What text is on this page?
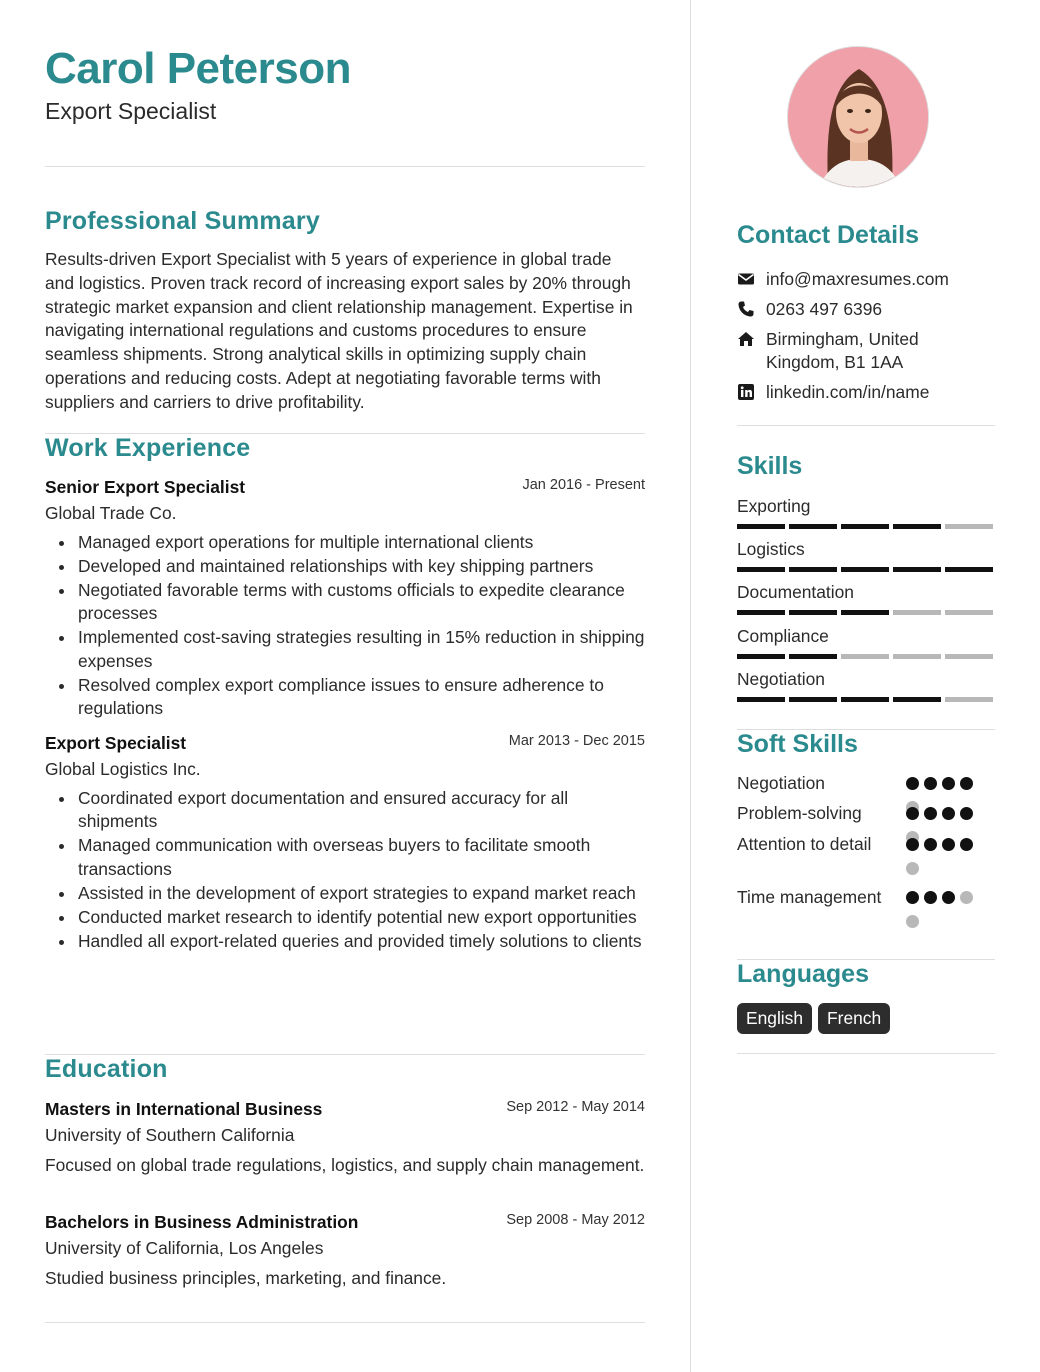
Carol Peterson
Export Specialist
Professional Summary
Results-driven Export Specialist with 5 years of experience in global trade and logistics. Proven track record of increasing export sales by 20% through strategic market expansion and client relationship management. Expertise in navigating international regulations and customs procedures to ensure seamless shipments. Strong analytical skills in optimizing supply chain operations and reducing costs. Adept at negotiating favorable terms with suppliers and carriers to drive profitability.
Work Experience
Senior Export Specialist	Jan 2016 - Present
Global Trade Co.
Managed export operations for multiple international clients
Developed and maintained relationships with key shipping partners
Negotiated favorable terms with customs officials to expedite clearance processes
Implemented cost-saving strategies resulting in 15% reduction in shipping expenses
Resolved complex export compliance issues to ensure adherence to regulations
Export Specialist	Mar 2013 - Dec 2015
Global Logistics Inc.
Coordinated export documentation and ensured accuracy for all shipments
Managed communication with overseas buyers to facilitate smooth transactions
Assisted in the development of export strategies to expand market reach
Conducted market research to identify potential new export opportunities
Handled all export-related queries and provided timely solutions to clients
Education
Masters in International Business	Sep 2012 - May 2014
University of Southern California
Focused on global trade regulations, logistics, and supply chain management.
Bachelors in Business Administration	Sep 2008 - May 2012
University of California, Los Angeles
Studied business principles, marketing, and finance.
Contact Details
info@maxresumes.com
0263 497 6396
Birmingham, United Kingdom, B1 1AA
linkedin.com/in/name
Skills
Exporting
Logistics
Documentation
Compliance
Negotiation
Soft Skills
Negotiation
Problem-solving
Attention to detail
Time management
Languages
English	French
